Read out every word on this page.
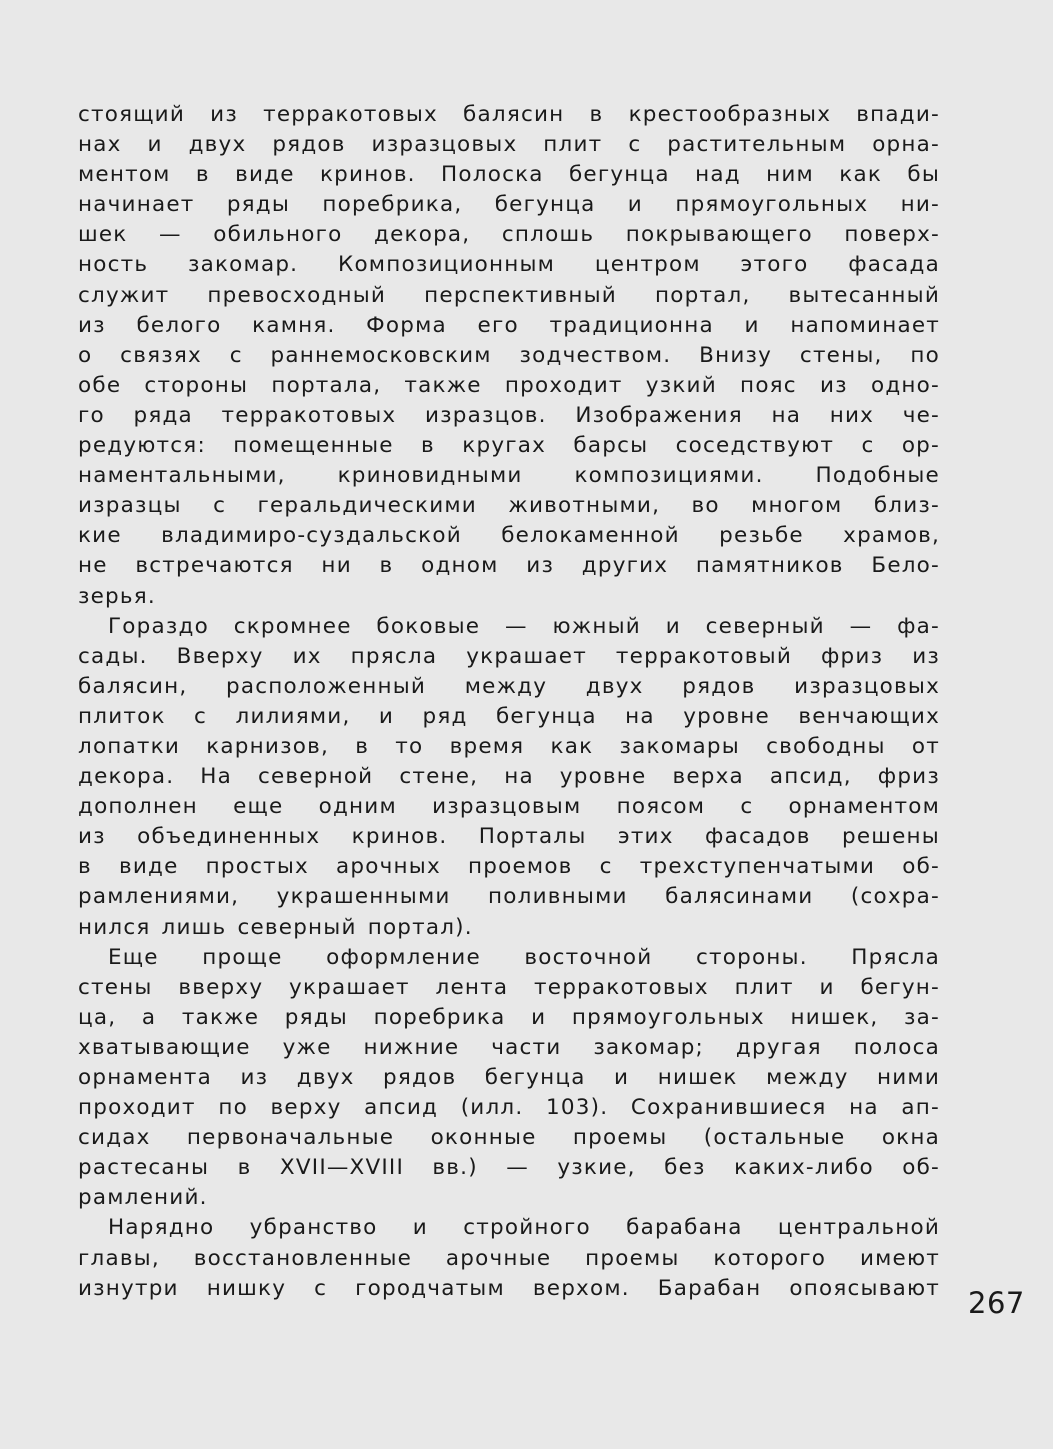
стоящий из терракотовых балясин в крестообразных впади-
нах и двух рядов изразцовых плит с растительным орна-
ментом в виде кринов. Полоска бегунца над ним как бы
начинает ряды поребрика, бегунца и прямоугольных ни-
шек — обильного декора, сплошь покрывающего поверх-
ность закомар. Композиционным центром этого фасада
служит превосходный перспективный портал, вытесанный
из белого камня. Форма его традиционна и напоминает
о связях с раннемосковским зодчеством. Внизу стены, по
обе стороны портала, также проходит узкий пояс из одно-
го ряда терракотовых изразцов. Изображения на них че-
редуются: помещенные в кругах барсы соседствуют с ор-
наментальными, криновидными композициями. Подобные
изразцы с геральдическими животными, во многом близ-
кие владимиро-суздальской белокаменной резьбе храмов,
не встречаются ни в одном из других памятников Бело-
зерья.
Гораздо скромнее боковые — южный и северный — фа-
сады. Вверху их прясла украшает терракотовый фриз из
балясин, расположенный между двух рядов изразцовых
плиток с лилиями, и ряд бегунца на уровне венчающих
лопатки карнизов, в то время как закомары свободны от
декора. На северной стене, на уровне верха апсид, фриз
дополнен еще одним изразцовым поясом с орнаментом
из объединенных кринов. Порталы этих фасадов решены
в виде простых арочных проемов с трехступенчатыми об-
рамлениями, украшенными поливными балясинами (сохра-
нился лишь северный портал).
Еще проще оформление восточной стороны. Прясла
стены вверху украшает лента терракотовых плит и бегун-
ца, а также ряды поребрика и прямоугольных нишек, за-
хватывающие уже нижние части закомар; другая полоса
орнамента из двух рядов бегунца и нишек между ними
проходит по верху апсид (илл. 103). Сохранившиеся на ап-
сидах первоначальные оконные проемы (остальные окна
растесаны в XVII—XVIII вв.) — узкие, без каких-либо об-
рамлений.
Нарядно убранство и стройного барабана центральной
главы, восстановленные арочные проемы которого имеют
изнутри нишку с городчатым верхом. Барабан опоясывают 267
